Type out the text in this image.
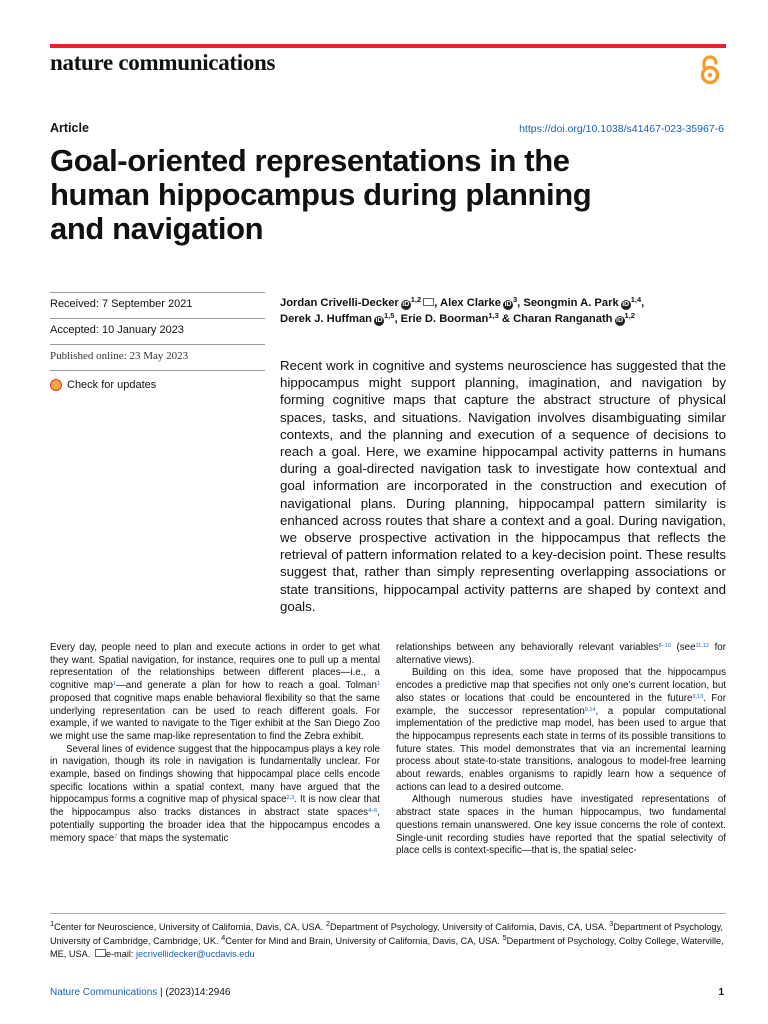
nature communications
Article	https://doi.org/10.1038/s41467-023-35967-6
Goal-oriented representations in the
human hippocampus during planning
and navigation
Received: 7 September 2021
Accepted: 10 January 2023
Published online: 23 May 2023
Check for updates
Jordan Crivelli-Decker iD$^{1,2}$ , Alex Clarke $iD^3$, Seongmin A. Park iD$^{1,4}$,
Derek J. Huffman iD$^{1,5}$, Erie D. Boorman$^{1,3}$ & Charan Ranganath iD$^{1,2}$
Recent work in cognitive and systems neuroscience has suggested that the hippocampus might support planning, imagination, and navigation by forming cognitive maps that capture the abstract structure of physical spaces, tasks, and situations. Navigation involves disambiguating similar contexts, and the planning and execution of a sequence of decisions to reach a goal. Here, we examine hippocampal activity patterns in humans during a goal-directed navigation task to investigate how contextual and goal information are incorporated in the construction and execution of navigational plans. During planning, hippocampal pattern similarity is enhanced across routes that share a context and a goal. During navigation, we observe prospective activation in the hippocampus that reflects the retrieval of pattern information related to a key-decision point. These results suggest that, rather than simply representing overlapping associations or state transitions, hippocampal activity patterns are shaped by context and goals.

Every day, people need to plan and execute actions in order to get what they want. Spatial navigation, for instance, requires one to pull up a mental representation of the relationships between different places—i.e., a cognitive map$^1$—and generate a plan for how to reach a goal. Tolman$^1$ proposed that cognitive maps enable behavioral flexibility so that the same underlying representation can be used to reach different goals. For example, if we wanted to navigate to the Tiger exhibit at the San Diego Zoo we might use the same map-like representation to find the Zebra exhibit.

Several lines of evidence suggest that the hippocampus plays a key role in navigation, though its role in navigation is fundamentally unclear. For example, based on findings showing that hippocampal place cells encode specific locations within a spatial context, many have argued that the hippocampus forms a cognitive map of physical space$^{2,3}$. It is now clear that the hippocampus also tracks distances in abstract state spaces$^{4-6}$, potentially supporting the broader idea that the hippocampus encodes a memory space$^7$ that maps the systematic

relationships between any behaviorally relevant variables$^{8-10}$ (see$^{11,12}$ for alternative views).

Building on this idea, some have proposed that the hippocampus encodes a predictive map that specifies not only one’s current location, but also states or locations that could be encountered in the future$^{9,13}$. For example, the successor representation$^{9,14}$, a popular computational implementation of the predictive map model, has been used to argue that the hippocampus represents each state in terms of its possible transitions to future states. This model demonstrates that via an incremental learning process about state-to-state transitions, analogous to model-free learning about rewards, enables organisms to rapidly learn how a sequence of actions can lead to a desired outcome.

Although numerous studies have investigated representations of abstract state spaces in the human hippocampus, two fundamental questions remain unanswered. One key issue concerns the role of context. Single-unit recording studies have reported that the spatial selectivity of place cells is context-specific—that is, the spatial selec-

$^1$Center for Neuroscience, University of California, Davis, CA, USA. $^2$Department of Psychology, University of California, Davis, CA, USA. $^3$Department of Psychology, University of Cambridge, Cambridge, UK. $^4$Center for Mind and Brain, University of California, Davis, CA, USA. $^5$Department of Psychology, Colby College, Waterville, ME, USA. e-mail: jecrivellidecker@ucdavis.edu
Nature Communications | (2023)14:2946	1
